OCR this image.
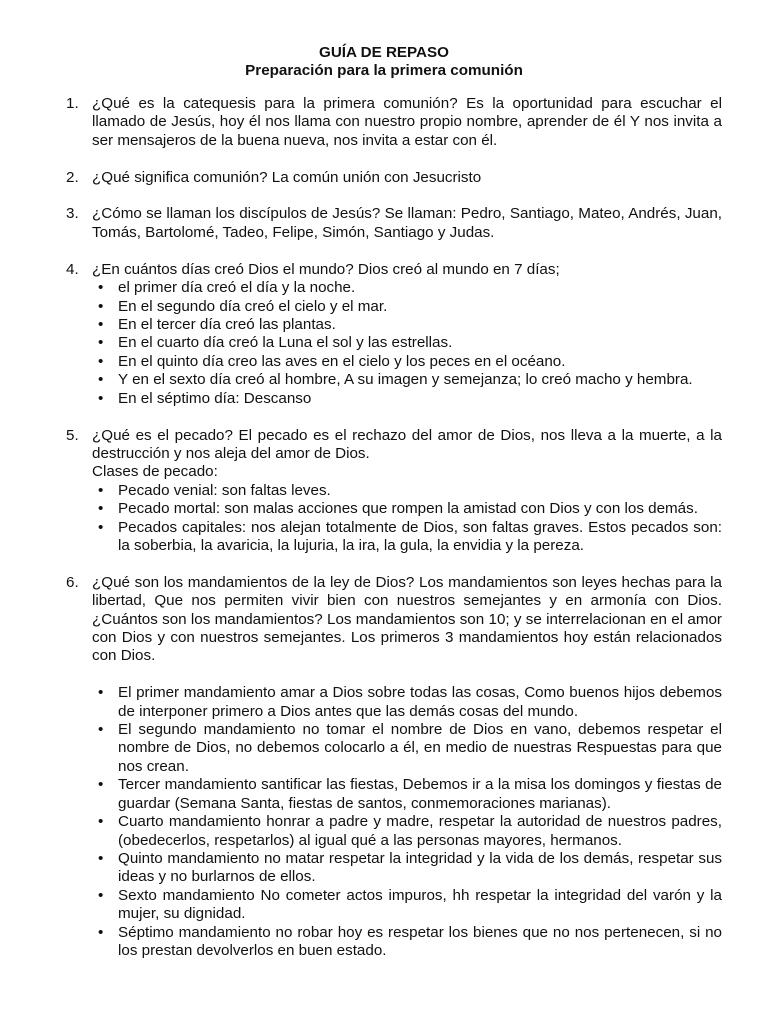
GUÍA DE REPASO
Preparación para la primera comunión
1. ¿Qué es la catequesis para la primera comunión? Es la oportunidad para escuchar el llamado de Jesús, hoy él nos llama con nuestro propio nombre, aprender de él Y nos invita a ser mensajeros de la buena nueva, nos invita a estar con él.

2. ¿Qué significa comunión? La común unión con Jesucristo

3. ¿Cómo se llaman los discípulos de Jesús? Se llaman: Pedro, Santiago, Mateo, Andrés, Juan, Tomás, Bartolomé, Tadeo, Felipe, Simón, Santiago y Judas.

4. ¿En cuántos días creó Dios el mundo? Dios creó al mundo en 7 días;

• el primer día creó el día y la noche.
• En el segundo día creó el cielo y el mar.
• En el tercer día creó las plantas.
• En el cuarto día creó la Luna el sol y las estrellas.
• En el quinto día creo las aves en el cielo y los peces en el océano.
• Y en el sexto día creó al hombre, A su imagen y semejanza; lo creó macho y hembra.
• En el séptimo día: Descanso
5. ¿Qué es el pecado? El pecado es el rechazo del amor de Dios, nos lleva a la muerte, a la destrucción y nos aleja del amor de Dios.

Clases de pecado:

• Pecado venial: son faltas leves.
• Pecado mortal: son malas acciones que rompen la amistad con Dios y con los demás.
• Pecados capitales: nos alejan totalmente de Dios, son faltas graves. Estos pecados son: la soberbia, la avaricia, la lujuria, la ira, la gula, la envidia y la pereza.
6. ¿Qué son los mandamientos de la ley de Dios? Los mandamientos son leyes hechas para la libertad, Que nos permiten vivir bien con nuestros semejantes y en armonía con Dios. ¿Cuántos son los mandamientos? Los mandamientos son 10; y se interrelacionan en el amor con Dios y con nuestros semejantes. Los primeros 3 mandamientos hoy están relacionados con Dios.

• El primer mandamiento amar a Dios sobre todas las cosas, Como buenos hijos debemos de interponer primero a Dios antes que las demás cosas del mundo.
• El segundo mandamiento no tomar el nombre de Dios en vano, debemos respetar el nombre de Dios, no debemos colocarlo a él, en medio de nuestras Respuestas para que nos crean.
• Tercer mandamiento santificar las fiestas, Debemos ir a la misa los domingos y fiestas de guardar (Semana Santa, fiestas de santos, conmemoraciones marianas).
• Cuarto mandamiento honrar a padre y madre, respetar la autoridad de nuestros padres, (obedecerlos, respetarlos) al igual qué a las personas mayores, hermanos.
• Quinto mandamiento no matar respetar la integridad y la vida de los demás, respetar sus ideas y no burlarnos de ellos.
• Sexto mandamiento No cometer actos impuros, hh respetar la integridad del varón y la mujer, su dignidad.
• Séptimo mandamiento no robar hoy es respetar los bienes que no nos pertenecen, si no los prestan devolverlos en buen estado.
